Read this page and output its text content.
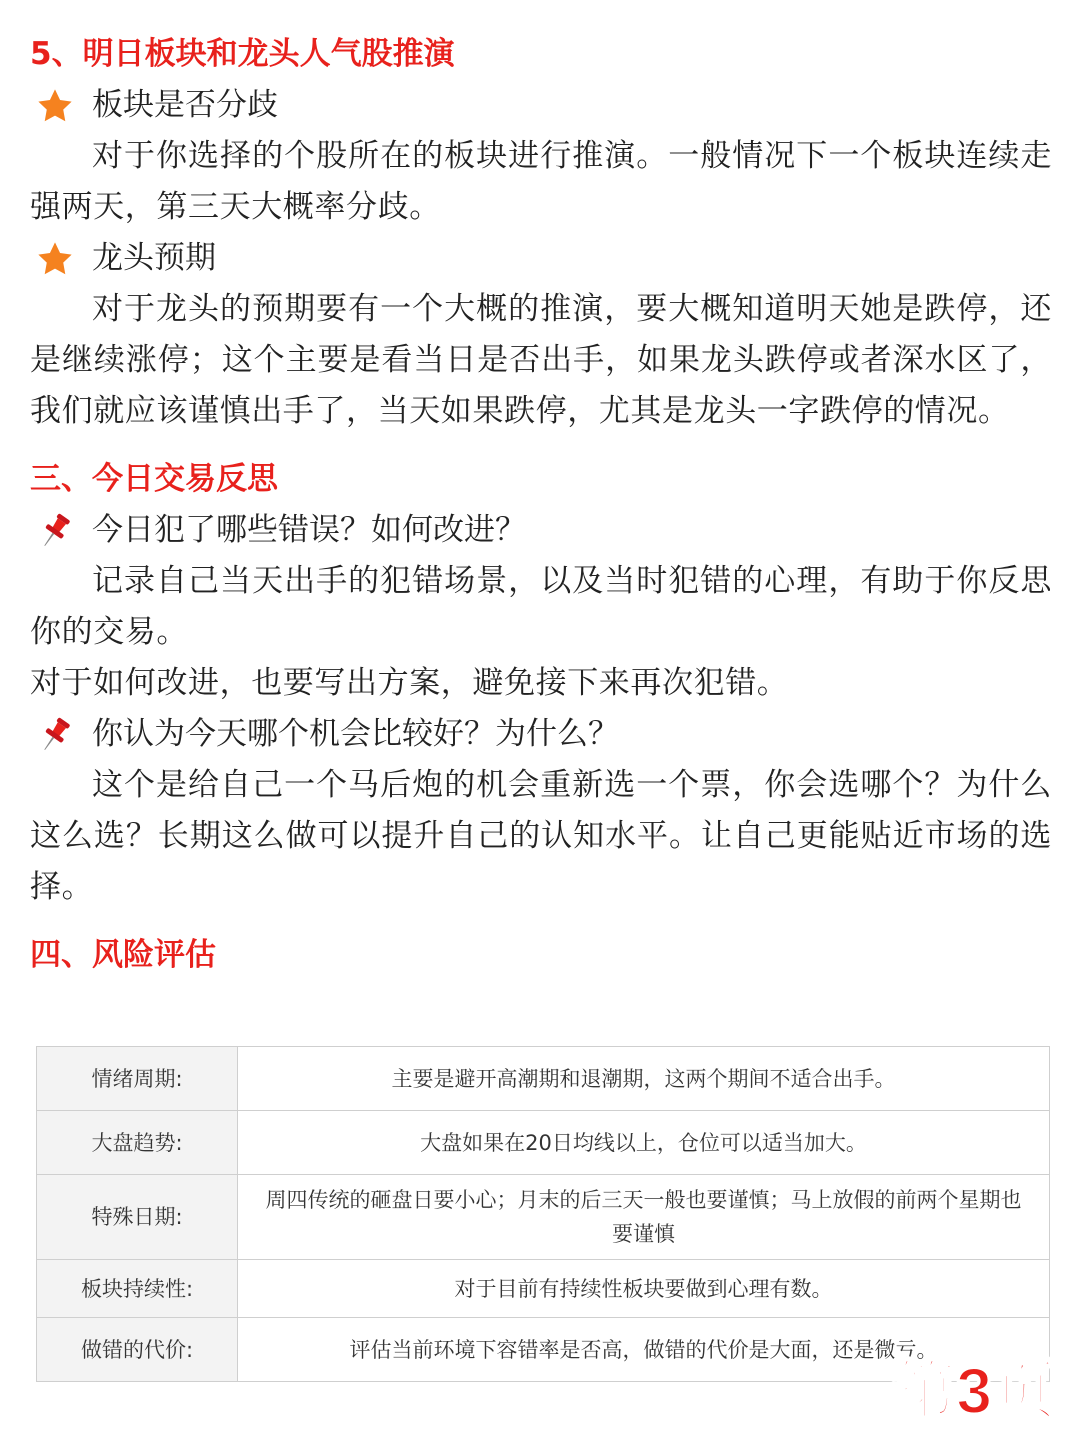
5、明日板块和龙头人气股推演
板块是否分歧

对于你选择的个股所在的板块进行推演。一般情况下一个板块连续走强两天，第三天大概率分歧。

龙头预期

对于龙头的预期要有一个大概的推演，要大概知道明天她是跌停，还是继续涨停；这个主要是看当日是否出手，如果龙头跌停或者深水区了，我们就应该谨慎出手了，当天如果跌停，尤其是龙头一字跌停的情况。

三、今日交易反思
今日犯了哪些错误？如何改进？

记录自己当天出手的犯错场景，以及当时犯错的心理，有助于你反思你的交易。

对于如何改进，也要写出方案，避免接下来再次犯错。

你认为今天哪个机会比较好？为什么？

这个是给自己一个马后炮的机会重新选一个票，你会选哪个？为什么这么选？长期这么做可以提升自己的认知水平。让自己更能贴近市场的选择。

四、风险评估
情绪周期:	主要是避开高潮期和退潮期，这两个期间不适合出手。
大盘趋势:	大盘如果在20日均线以上，仓位可以适当加大。
特殊日期:	周四传统的砸盘日要小心；月末的后三天一般也要谨慎；马上放假的前两个星期也要谨慎
板块持续性:	对于目前有持续性板块要做到心理有数。
做错的代价:	评估当前环境下容错率是否高，做错的代价是大面，还是微亏。
第3页
